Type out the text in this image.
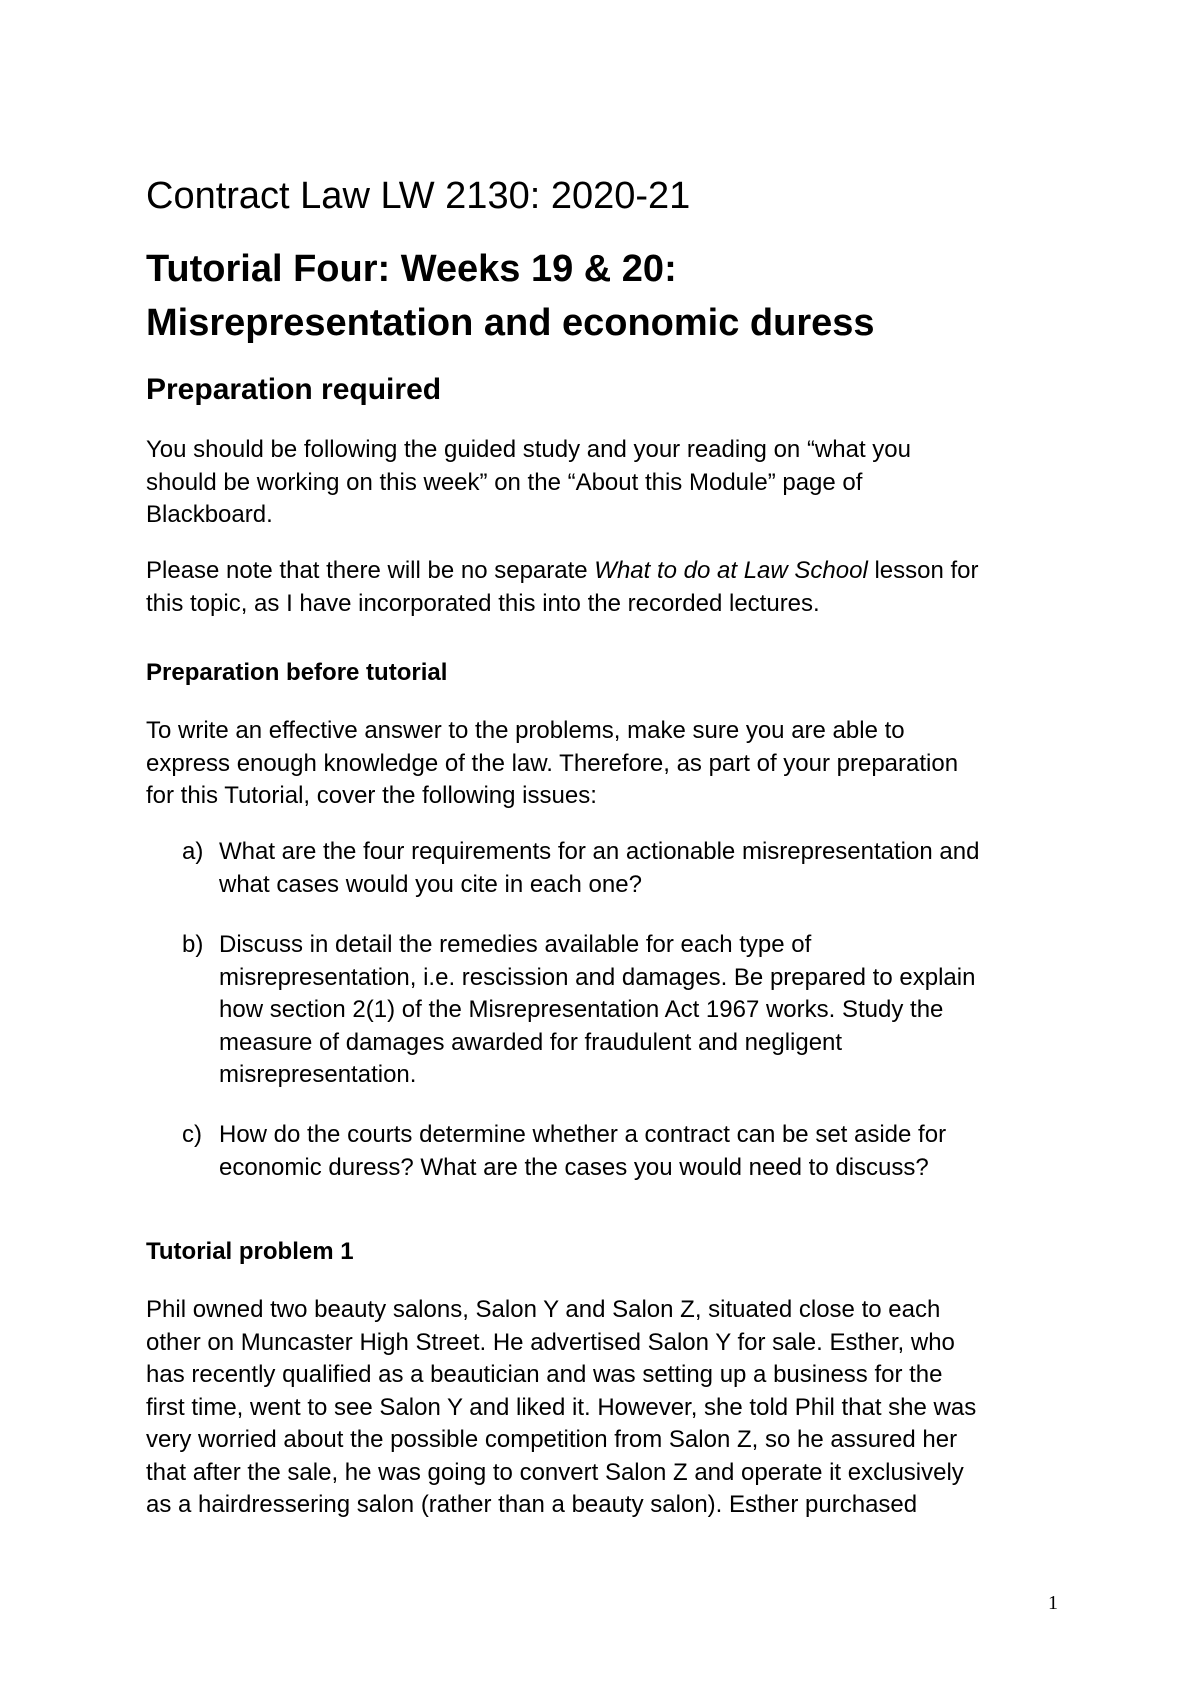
Contract Law LW 2130: 2020-21
Tutorial Four: Weeks 19 & 20:
Misrepresentation and economic duress
Preparation required

You should be following the guided study and your reading on “what you
should be working on this week” on the “About this Module” page of
Blackboard.

Please note that there will be no separate What to do at Law School lesson for
this topic, as I have incorporated this into the recorded lectures.

Preparation before tutorial

To write an effective answer to the problems, make sure you are able to
express enough knowledge of the law. Therefore, as part of your preparation
for this Tutorial, cover the following issues:

a) What are the four requirements for an actionable misrepresentation and
what cases would you cite in each one?
b) Discuss in detail the remedies available for each type of
misrepresentation, i.e. rescission and damages. Be prepared to explain
how section 2(1) of the Misrepresentation Act 1967 works. Study the
measure of damages awarded for fraudulent and negligent
misrepresentation.
c) How do the courts determine whether a contract can be set aside for
economic duress? What are the cases you would need to discuss?
Tutorial problem 1

Phil owned two beauty salons, Salon Y and Salon Z, situated close to each
other on Muncaster High Street. He advertised Salon Y for sale. Esther, who
has recently qualified as a beautician and was setting up a business for the
first time, went to see Salon Y and liked it. However, she told Phil that she was
very worried about the possible competition from Salon Z, so he assured her
that after the sale, he was going to convert Salon Z and operate it exclusively
as a hairdressering salon (rather than a beauty salon). Esther purchased

1
